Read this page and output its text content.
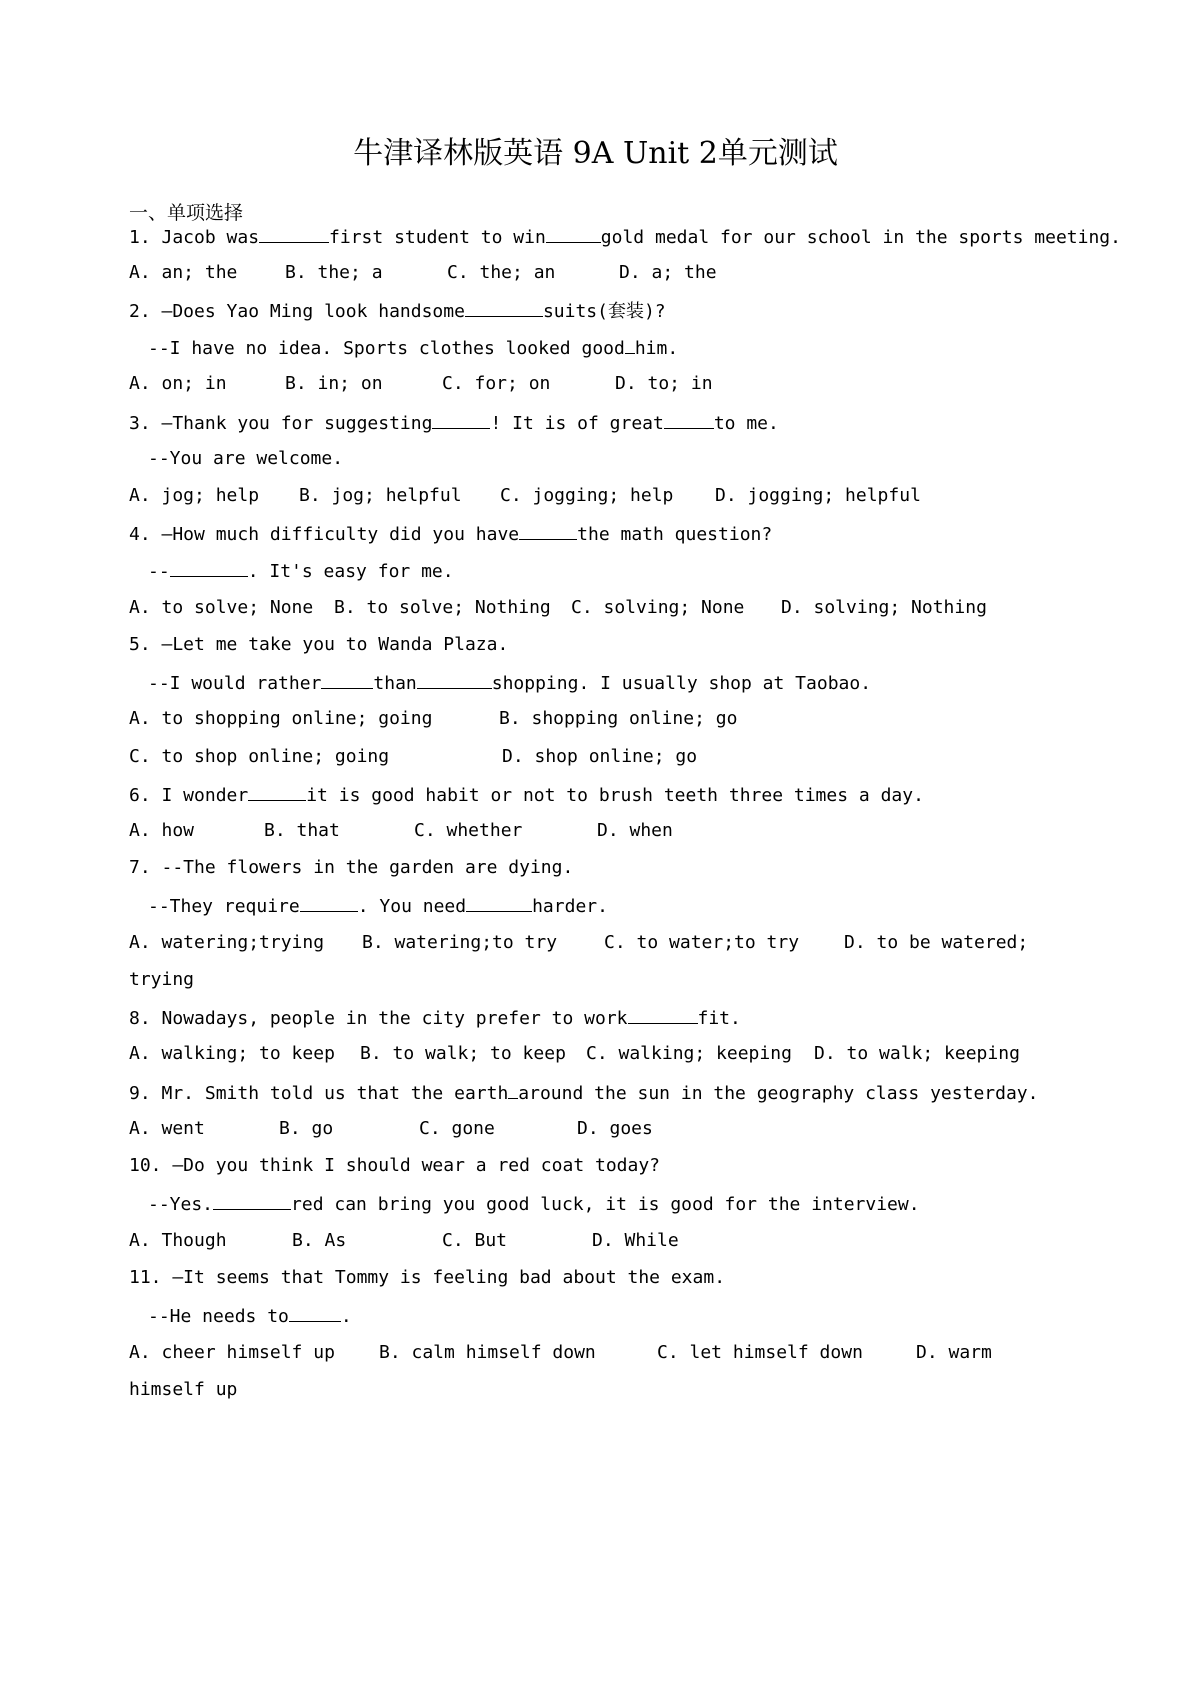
牛津译林版英语 9A Unit 2单元测试
一、单项选择
1. Jacob was	first student to win	gold medal for our school in the sports meeting.
A. an; the	B. the; a	C. the; an	D. a; the
2. —Does Yao Ming look handsome	suits(套装)?
--I have no idea. Sports clothes looked good him.
A. on; in	B. in; on	C. for; on	D. to; in
3. —Thank you for suggesting	! It is of great	to me.
--You are welcome.
A. jog; help B. jog; helpful C. jogging; help D. jogging; helpful
4. —How much difficulty did you have	the math question?
--	. It's easy for me.
A. to solve; None B. to solve; Nothing C. solving; None D. solving; Nothing
5. —Let me take you to Wanda Plaza.
--I would rather	than	shopping. I usually shop at Taobao.
A. to shopping online; going	B. shopping online; go
C. to shop online; going	D. shop online; go
6. I wonder	it is good habit or not to brush teeth three times a day.
A. how	B. that	C. whether	D. when
7. --The flowers in the garden are dying.
--They require	. You need	harder.
A. watering;trying B. watering;to try	C. to water;to try D. to be watered;
trying
8. Nowadays, people in the city prefer to work	fit.
A. walking; to keep B. to walk; to keep C. walking; keeping D. to walk; keeping
9. Mr. Smith told us that the earth around the sun in the geography class yesterday.
A. went	B. go	C. gone	D. goes
10. —Do you think I should wear a red coat today?
--Yes.	red can bring you good luck, it is good for the interview.
A. Though	B. As	C. But	D. While
11. —It seems that Tommy is feeling bad about the exam.
--He needs to	.
A. cheer himself up B. calm himself down	C. let himself down	D. warm
himself up
